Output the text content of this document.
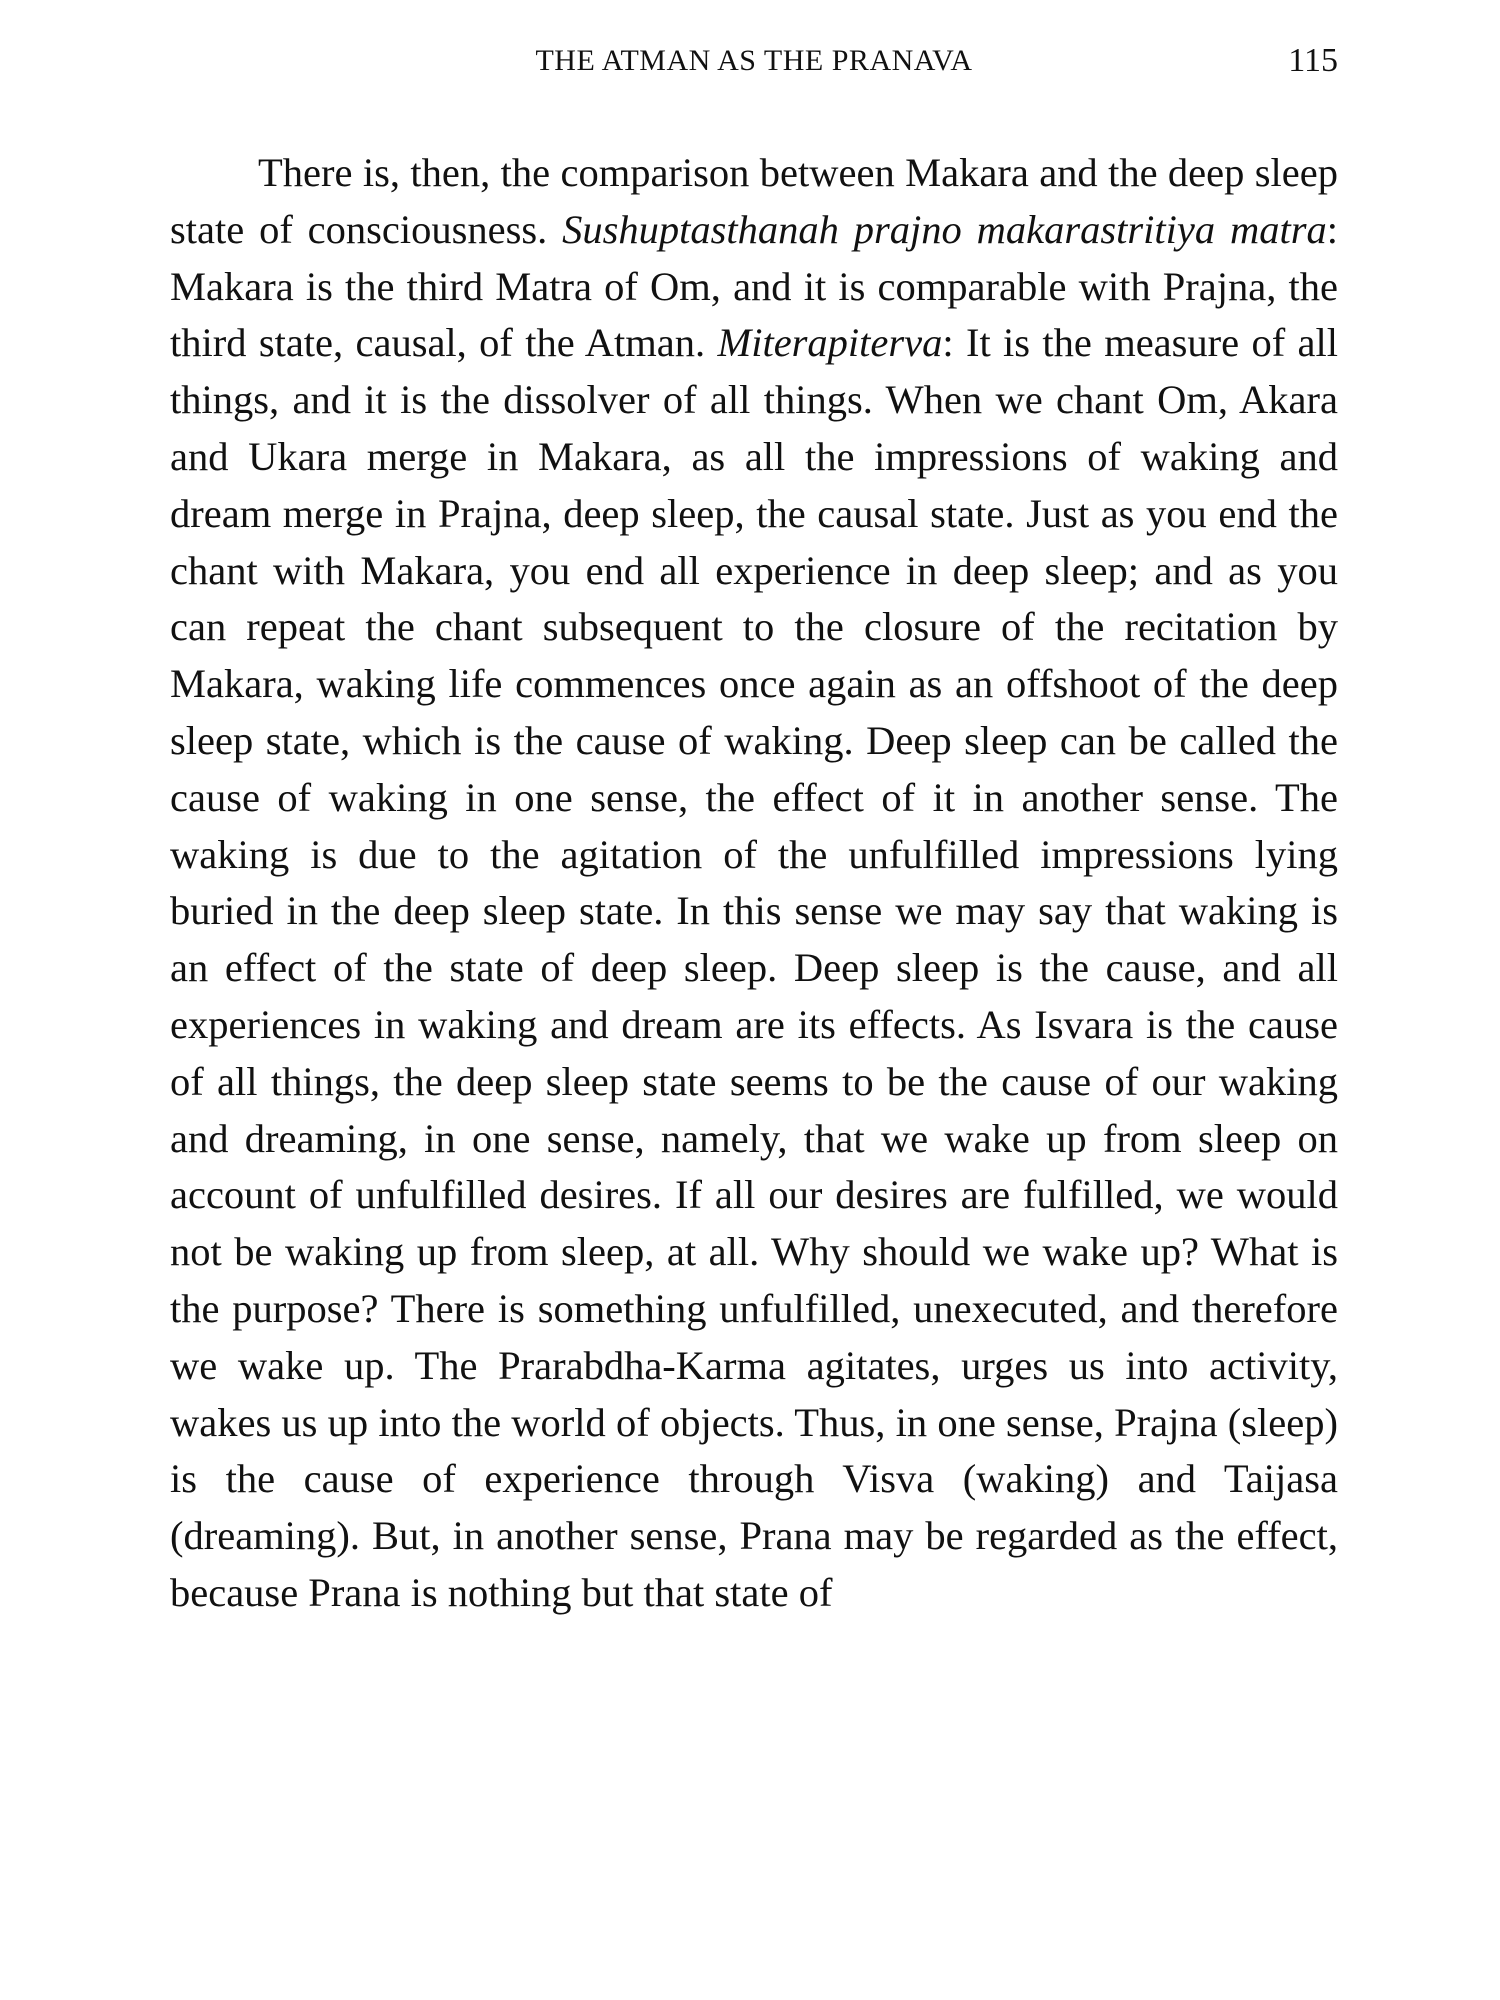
THE ATMAN AS THE PRANAVA	115

There is, then, the comparison between Makara and the deep sleep state of consciousness. Sushuptasthanah prajno makarastritiya matra: Makara is the third Matra of Om, and it is comparable with Prajna, the third state, causal, of the Atman. Miterapiterva: It is the measure of all things, and it is the dissolver of all things. When we chant Om, Akara and Ukara merge in Makara, as all the impressions of waking and dream merge in Prajna, deep sleep, the causal state. Just as you end the chant with Makara, you end all experience in deep sleep; and as you can repeat the chant subsequent to the closure of the recitation by Makara, waking life commences once again as an offshoot of the deep sleep state, which is the cause of waking. Deep sleep can be called the cause of waking in one sense, the effect of it in another sense. The waking is due to the agitation of the unfulfilled impressions lying buried in the deep sleep state. In this sense we may say that waking is an effect of the state of deep sleep. Deep sleep is the cause, and all experiences in waking and dream are its effects. As Isvara is the cause of all things, the deep sleep state seems to be the cause of our waking and dreaming, in one sense, namely, that we wake up from sleep on account of unfulfilled desires. If all our desires are fulfilled, we would not be waking up from sleep, at all. Why should we wake up? What is the purpose? There is something unfulfilled, unexecuted, and therefore we wake up. The Prarabdha-Karma agitates, urges us into activity, wakes us up into the world of objects. Thus, in one sense, Prajna (sleep) is the cause of experience through Visva (waking) and Taijasa (dreaming). But, in another sense, Prana may be regarded as the effect, because Prana is nothing but that state of
